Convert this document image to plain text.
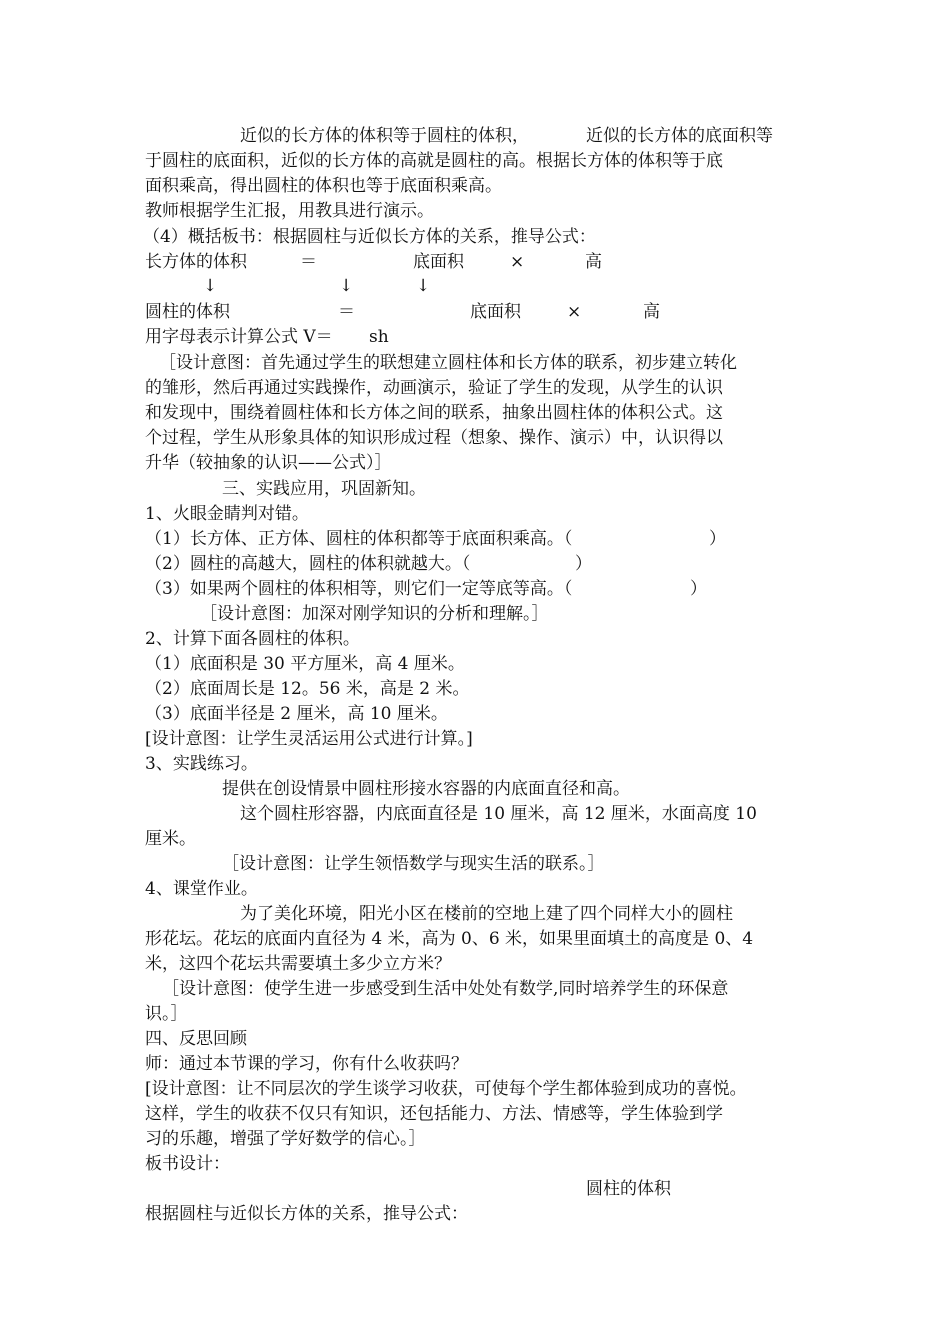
近似的长方体的体积等于圆柱的体积，	近似的长方体的底面积等
于圆柱的底面积，近似的长方体的高就是圆柱的高。根据长方体的体积等于底
面积乘高，得出圆柱的体积也等于底面积乘高。
教师根据学生汇报，用教具进行演示。
（4）概括板书：根据圆柱与近似长方体的关系，推导公式：
长方体的体积	＝	底面积	×	高
↓	↓	↓
圆柱的体积	＝	底面积	×	高
用字母表示计算公式 V＝ sh
［设计意图：首先通过学生的联想建立圆柱体和长方体的联系，初步建立转化
的雏形，然后再通过实践操作，动画演示，验证了学生的发现，从学生的认识
和发现中，围绕着圆柱体和长方体之间的联系，抽象出圆柱体的体积公式。这
个过程，学生从形象具体的知识形成过程（想象、操作、演示）中，认识得以
升华（较抽象的认识——公式）］
三、实践应用，巩固新知。
1、火眼金睛判对错。
（1）长方体、正方体、圆柱的体积都等于底面积乘高。（	）
（2）圆柱的高越大，圆柱的体积就越大。（	）
（3）如果两个圆柱的体积相等，则它们一定等底等高。（	）
［设计意图：加深对刚学知识的分析和理解。］
2、计算下面各圆柱的体积。
（1）底面积是 30 平方厘米，高 4 厘米。
（2）底面周长是 12。56 米，高是 2 米。
（3）底面半径是 2 厘米，高 10 厘米。
[设计意图：让学生灵活运用公式进行计算。]
3、实践练习。
提供在创设情景中圆柱形接水容器的内底面直径和高。
这个圆柱形容器，内底面直径是 10 厘米，高 12 厘米，水面高度 10
厘米。
［设计意图：让学生领悟数学与现实生活的联系。］
4、课堂作业。
为了美化环境，阳光小区在楼前的空地上建了四个同样大小的圆柱
形花坛。花坛的底面内直径为 4 米，高为 0、6 米，如果里面填土的高度是 0、4
米，这四个花坛共需要填土多少立方米？
［设计意图：使学生进一步感受到生活中处处有数学,同时培养学生的环保意
识。］
四、反思回顾
师：通过本节课的学习，你有什么收获吗？
[设计意图：让不同层次的学生谈学习收获，可使每个学生都体验到成功的喜悦。
这样，学生的收获不仅只有知识，还包括能力、方法、情感等，学生体验到学
习的乐趣，增强了学好数学的信心。］
板书设计：
圆柱的体积
根据圆柱与近似长方体的关系，推导公式：
